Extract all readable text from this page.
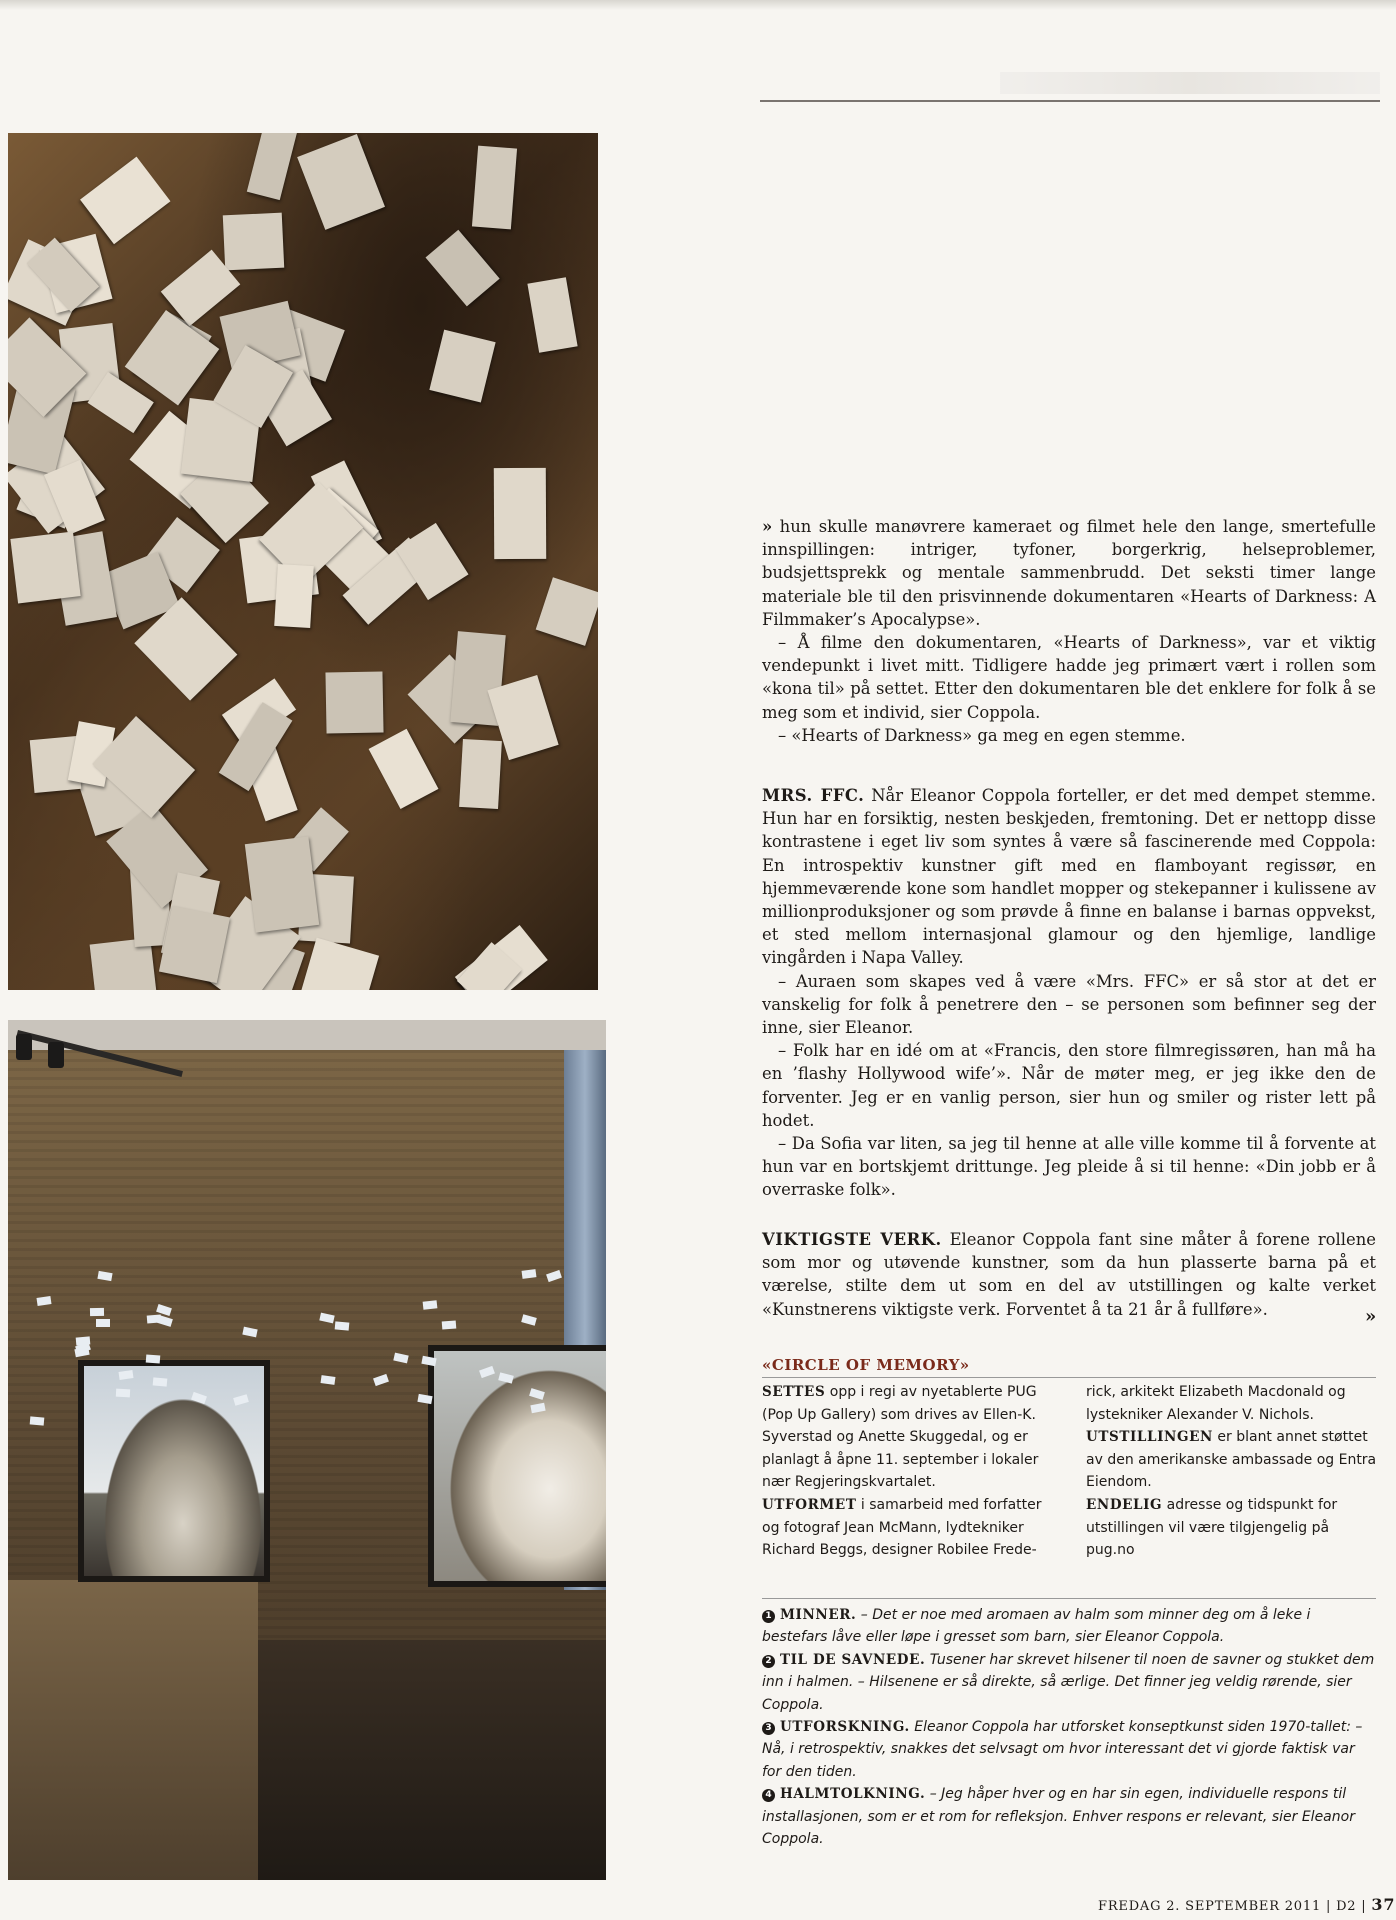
» hun skulle manøvrere kameraet og filmet hele den lange, smertefulle innspillingen: intriger, tyfoner, borgerkrig, helseproblemer, budsjettsprekk og mentale sammenbrudd. Det seksti timer lange materiale ble til den prisvinnende dokumentaren «Hearts of Darkness: A Filmmaker’s Apocalypse».

– Å filme den dokumentaren, «Hearts of Darkness», var et viktig vendepunkt i livet mitt. Tidligere hadde jeg primært vært i rollen som «kona til» på settet. Etter den dokumentaren ble det enklere for folk å se meg som et individ, sier Coppola.

– «Hearts of Darkness» ga meg en egen stemme.

MRS. FFC. Når Eleanor Coppola forteller, er det med dempet stemme. Hun har en forsiktig, nesten beskjeden, fremtoning. Det er nettopp disse kontrastene i eget liv som syntes å være så fascinerende med Coppola: En introspektiv kunstner gift med en flamboyant regissør, en hjemmeværende kone som handlet mopper og stekepanner i kulissene av millionproduksjoner og som prøvde å finne en balanse i barnas oppvekst, et sted mellom internasjonal glamour og den hjemlige, landlige vingården i Napa Valley.

– Auraen som skapes ved å være «Mrs. FFC» er så stor at det er vanskelig for folk å penetrere den – se personen som befinner seg der inne, sier Eleanor.

– Folk har en idé om at «Francis, den store filmregissøren, han må ha en ’flashy Hollywood wife’». Når de møter meg, er jeg ikke den de forventer. Jeg er en vanlig person, sier hun og smiler og rister lett på hodet.

– Da Sofia var liten, sa jeg til henne at alle ville komme til å forvente at hun var en bortskjemt drittunge. Jeg pleide å si til henne: «Din jobb er å overraske folk».

VIKTIGSTE VERK. Eleanor Coppola fant sine måter å forene rollene som mor og utøvende kunstner, som da hun plasserte barna på et værelse, stilte dem ut som en del av utstillingen og kalte verket «Kunstnerens viktigste verk. Forventet å ta 21 år å fullføre».	»
«CIRCLE OF MEMORY»

SETTES opp i regi av nyetablerte PUG (Pop Up Gallery) som drives av Ellen-K. Syverstad og Anette Skuggedal, og er planlagt å åpne 11. september i lokaler nær Regjeringskvartalet.

UTFORMET i samarbeid med forfatter og fotograf Jean McMann, lydtekniker Richard Beggs, designer Robilee Frede-

rick, arkitekt Elizabeth Macdonald og lystekniker Alexander V. Nichols.

UTSTILLINGEN er blant annet støttet av den amerikanske ambassade og Entra Eiendom.

ENDELIG adresse og tidspunkt for utstillingen vil være tilgjengelig på pug.no

1 MINNER. – Det er noe med aromaen av halm som minner deg om å leke i bestefars låve eller løpe i gresset som barn, sier Eleanor Coppola.

2 TIL DE SAVNEDE. Tusener har skrevet hilsener til noen de savner og stukket dem inn i halmen. – Hilsenene er så direkte, så ærlige. Det finner jeg veldig rørende, sier Coppola.

3 UTFORSKNING. Eleanor Coppola har utforsket konseptkunst siden 1970-tallet: – Nå, i retrospektiv, snakkes det selvsagt om hvor interessant det vi gjorde faktisk var for den tiden.

4 HALMTOLKNING. – Jeg håper hver og en har sin egen, individuelle respons til installasjonen, som er et rom for refleksjon. Enhver respons er relevant, sier Eleanor Coppola.

FREDAG 2. SEPTEMBER 2011 | D2 | 37
